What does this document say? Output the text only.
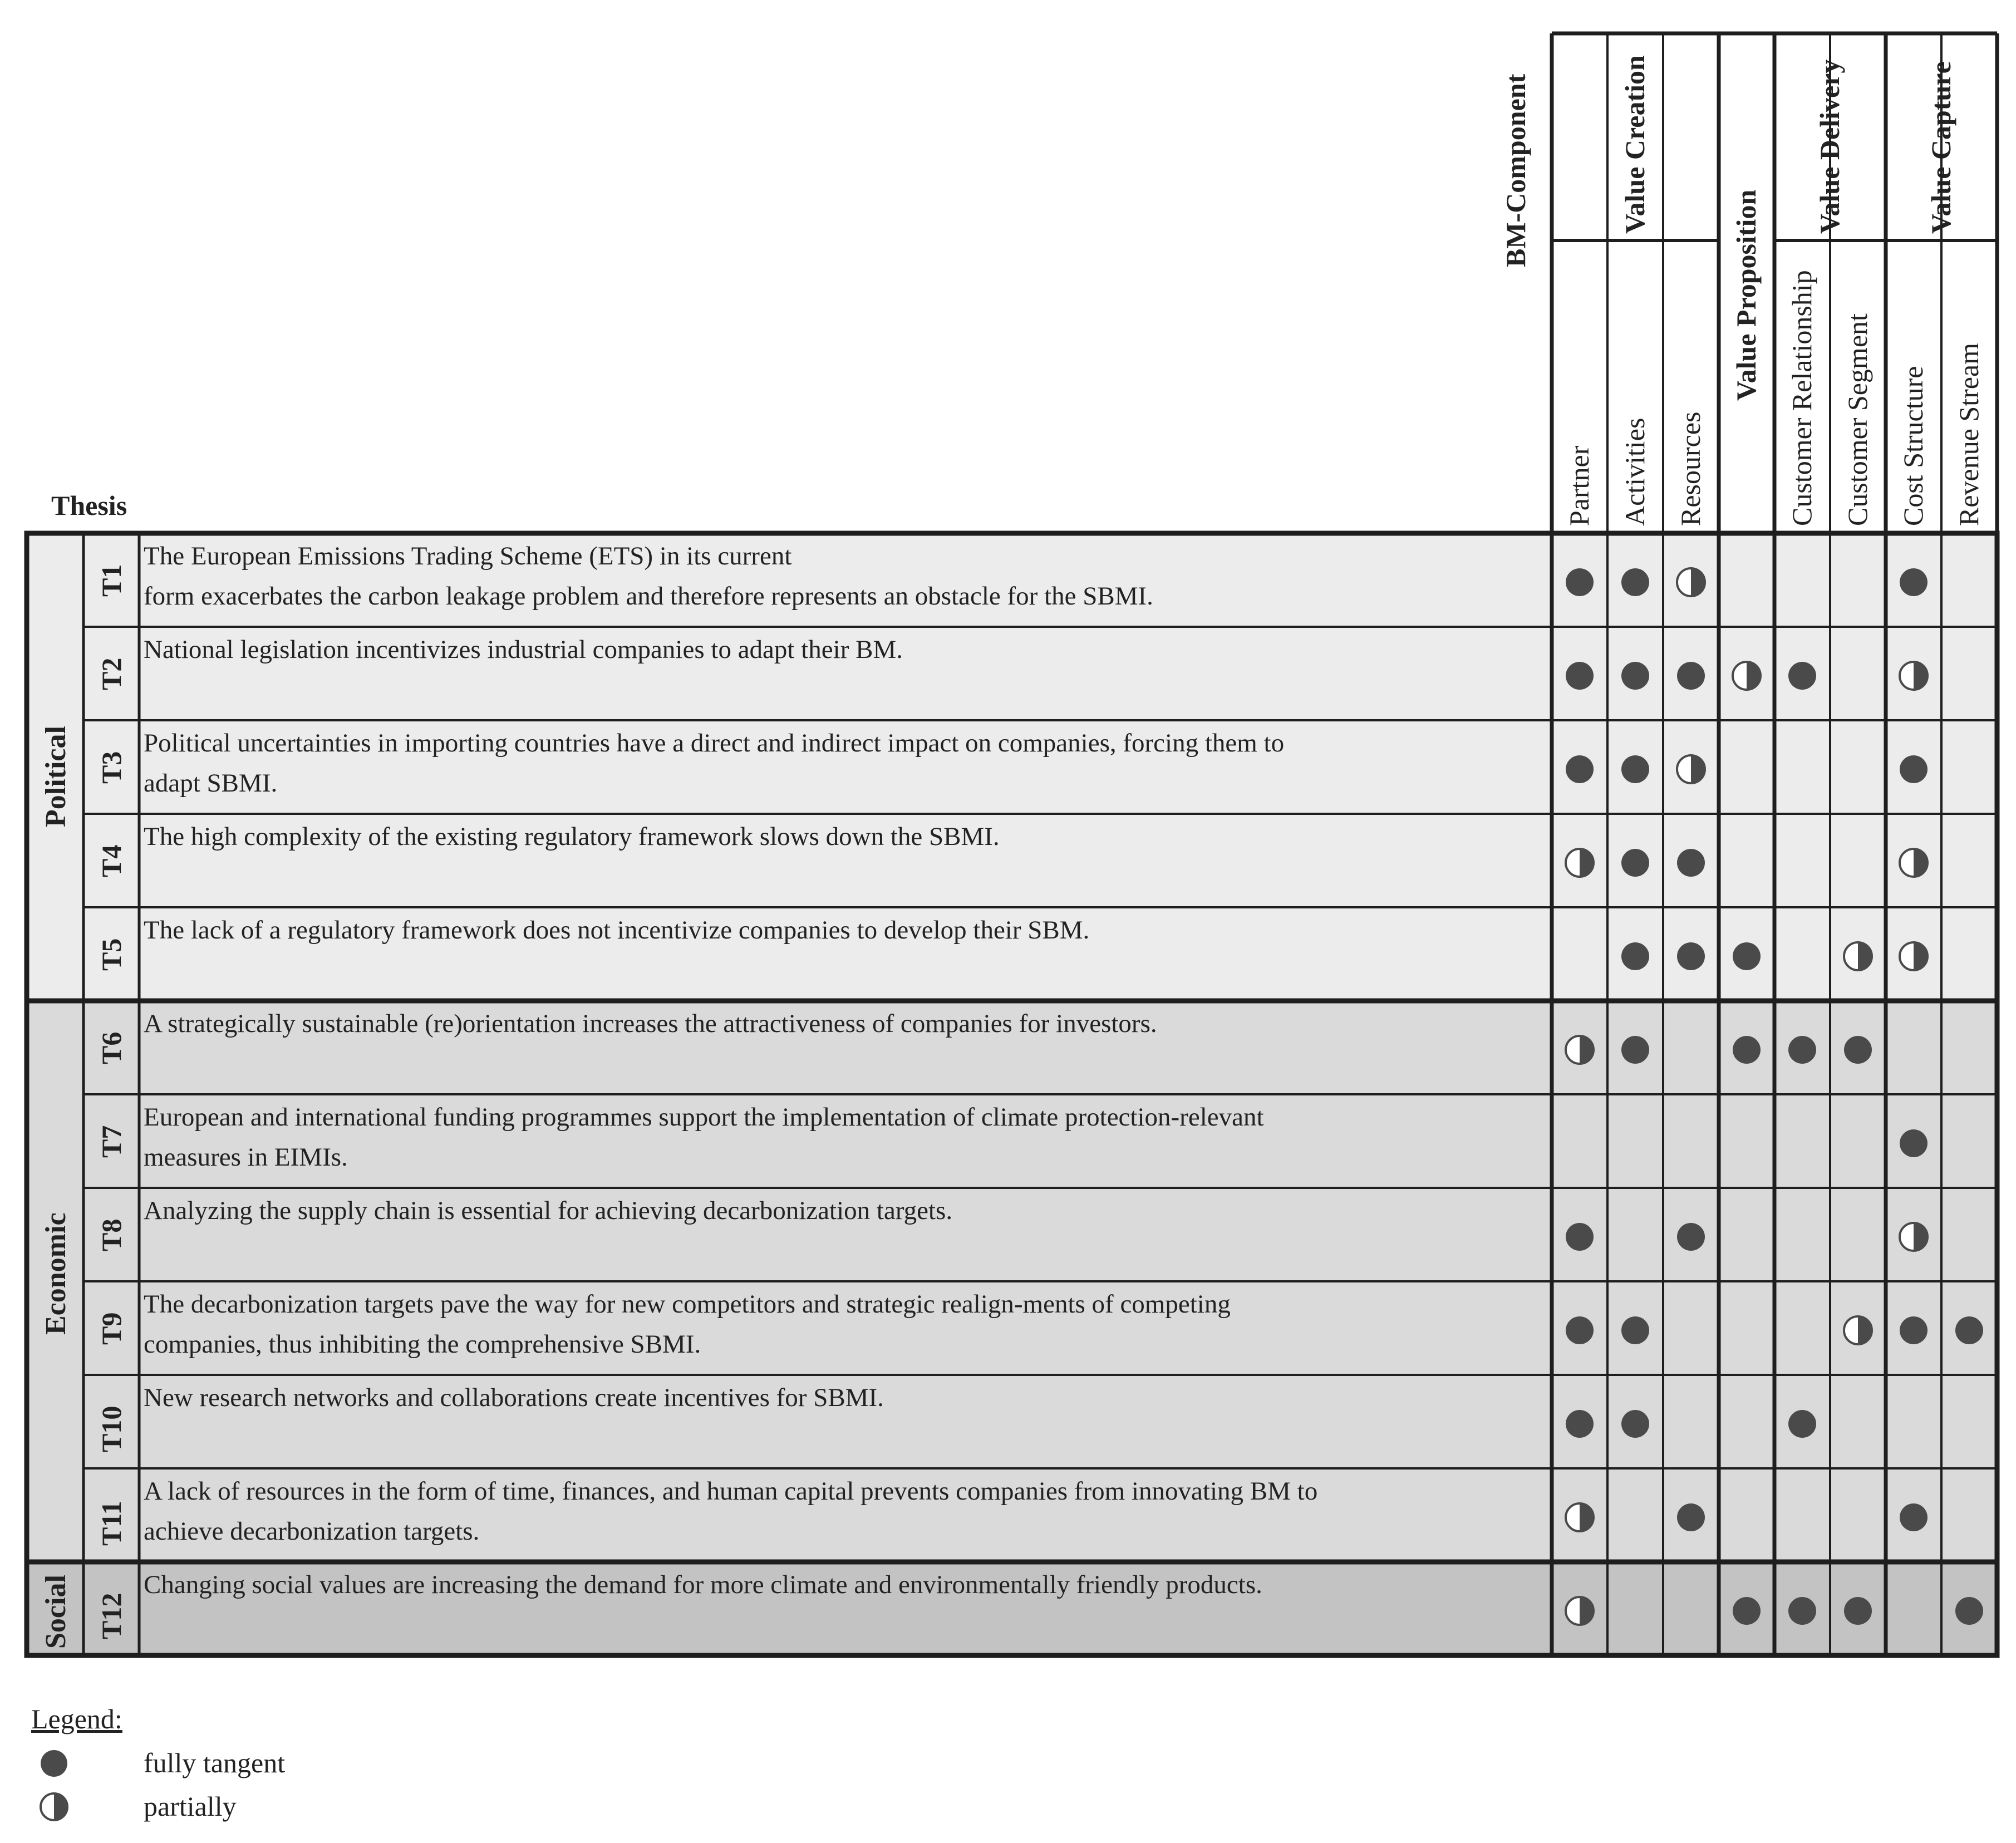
BM-Component
Thesis
Value Creation
Value Proposition
Value Delivery	Value Capture
Partner Activities Resources	Customer Relationship Customer Segment Cost Structure Revenue Stream
T1
The European Emissions Trading Scheme (ETS) in its current
form exacerbates the carbon leakage problem and therefore represents an obstacle for the SBMI.
T2
National legislation incentivizes industrial companies to adapt their BM.
T3
Political uncertainties in importing countries have a direct and indirect impact on companies, forcing them to
adapt SBMI.
T4
The high complexity of the existing regulatory framework slows down the SBMI.
T5
The lack of a regulatory framework does not incentivize companies to develop their SBM.
T6
A strategically sustainable (re)orientation increases the attractiveness of companies for investors.
T7
European and international funding programmes support the implementation of climate protection-relevant
measures in EIMIs.
T8
Analyzing the supply chain is essential for achieving decarbonization targets.
T9
The decarbonization targets pave the way for new competitors and strategic realign-ments of competing
companies, thus inhibiting the comprehensive SBMI.
T10
New research networks and collaborations create incentives for SBMI.
T11
A lack of resources in the form of time, finances, and human capital prevents companies from innovating BM to
achieve decarbonization targets.
T12
Changing social values are increasing the demand for more climate and environmentally friendly products.
Political
Economic
Social
Legend:
fully tangent
partially
